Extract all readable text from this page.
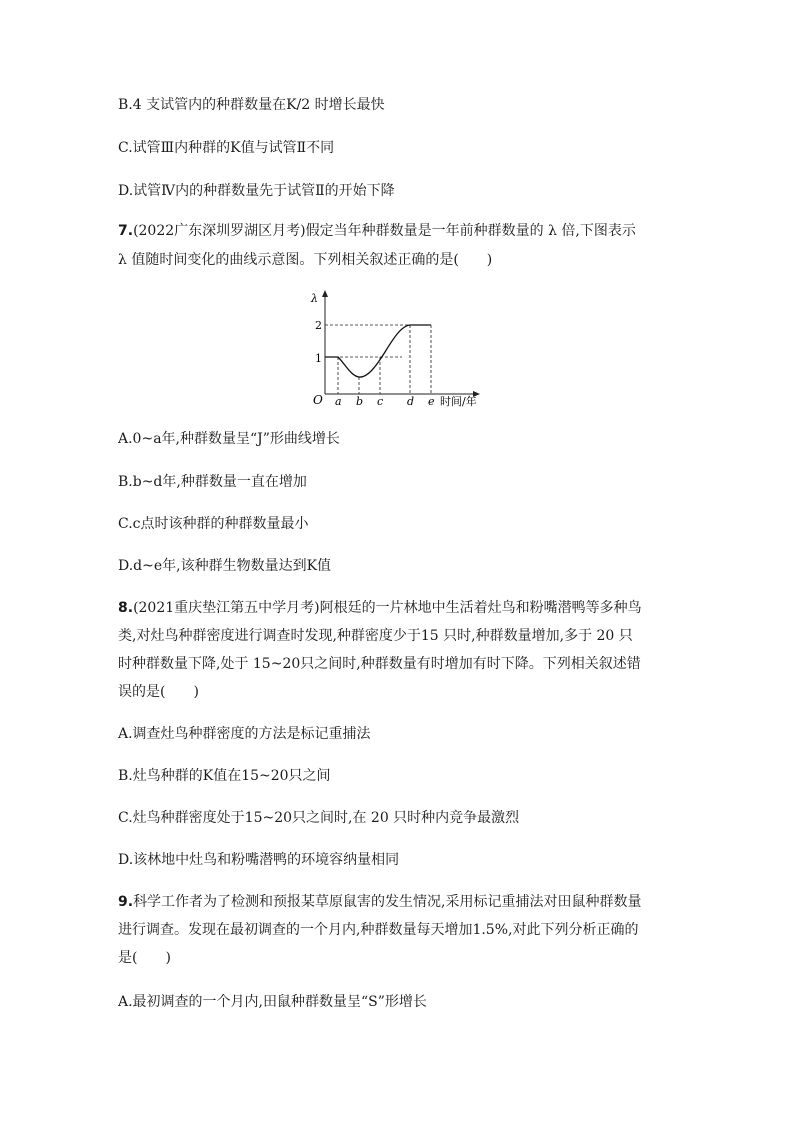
B.4 支试管内的种群数量在K/2 时增长最快
C.试管Ⅲ内种群的K值与试管Ⅱ不同
D.试管Ⅳ内的种群数量先于试管Ⅱ的开始下降
7.(2022广东深圳罗湖区月考)假定当年种群数量是一年前种群数量的 λ 倍,下图表示
λ 值随时间变化的曲线示意图。下列相关叙述正确的是(　　)
λ
O
1
2
a b c d e 时间/年
A.0~a年,种群数量呈“J”形曲线增长
B.b~d年,种群数量一直在增加
C.c点时该种群的种群数量最小
D.d~e年,该种群生物数量达到K值
8.(2021重庆垫江第五中学月考)阿根廷的一片林地中生活着灶鸟和粉嘴潜鸭等多种鸟
类,对灶鸟种群密度进行调查时发现,种群密度少于15 只时,种群数量增加,多于 20 只
时种群数量下降,处于 15~20只之间时,种群数量有时增加有时下降。下列相关叙述错
误的是(　　)
A.调查灶鸟种群密度的方法是标记重捕法
B.灶鸟种群的K值在15~20只之间
C.灶鸟种群密度处于15~20只之间时,在 20 只时种内竞争最激烈
D.该林地中灶鸟和粉嘴潜鸭的环境容纳量相同
9.科学工作者为了检测和预报某草原鼠害的发生情况,采用标记重捕法对田鼠种群数量
进行调查。发现在最初调查的一个月内,种群数量每天增加1.5%,对此下列分析正确的
是(　　)
A.最初调查的一个月内,田鼠种群数量呈“S”形增长
